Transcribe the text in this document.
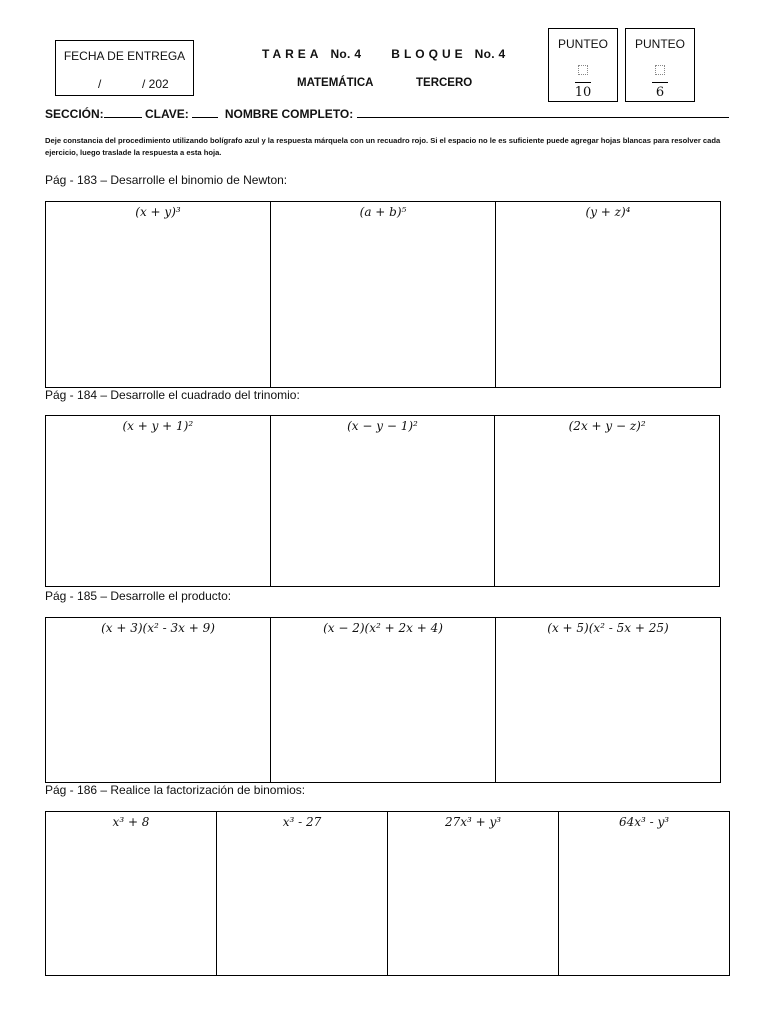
FECHA DE ENTREGA
/	/ 202
TAREA No. 4	BLOQUE No. 4
MATEMÁTICA	TERCERO
PUNTEO
10
PUNTEO
6
SECCIÓN:	CLAVE:	NOMBRE COMPLETO:
Deje constancia del procedimiento utilizando bolígrafo azul y la respuesta márquela con un recuadro rojo. Si el espacio no le es suficiente puede agregar hojas blancas para resolver cada ejercicio, luego traslade la respuesta a esta hoja.
Pág - 183 – Desarrolle el binomio de Newton:
(x + y)³	(a + b)⁵	(y + z)⁴
Pág - 184 – Desarrolle el cuadrado del trinomio:
(x + y + 1)²	(x − y − 1)²	(2x + y − z)²
Pág - 185 – Desarrolle el producto:
(x + 3)(x² - 3x + 9)	(x − 2)(x² + 2x + 4)	(x + 5)(x² - 5x + 25)
Pág - 186 – Realice la factorización de binomios:
x³ + 8	x³ - 27	27x³ + y³	64x³ - y³
